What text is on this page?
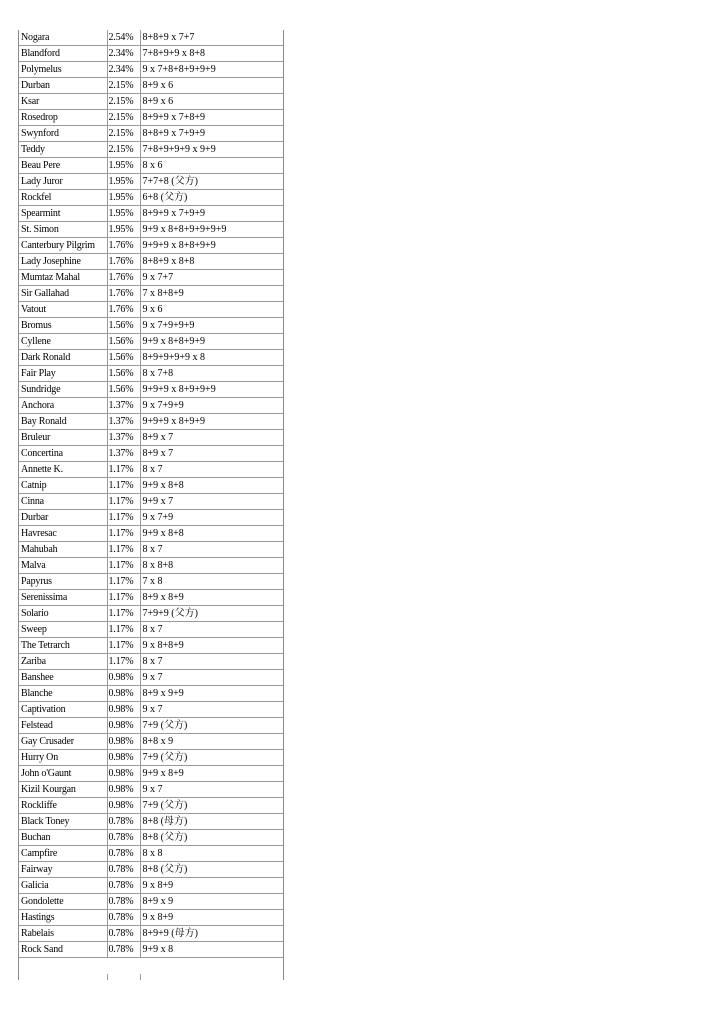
Nogara	2.54%	8+8+9 x 7+7
Blandford	2.34%	7+8+9+9 x 8+8
Polymelus	2.34%	9 x 7+8+8+9+9+9
Durban	2.15%	8+9 x 6
Ksar	2.15%	8+9 x 6
Rosedrop	2.15%	8+9+9 x 7+8+9
Swynford	2.15%	8+8+9 x 7+9+9
Teddy	2.15%	7+8+9+9+9 x 9+9
Beau Pere	1.95%	8 x 6
Lady Juror	1.95%	7+7+8 (父方)
Rockfel	1.95%	6+8 (父方)
Spearmint	1.95%	8+9+9 x 7+9+9
St. Simon	1.95%	9+9 x 8+8+9+9+9+9
Canterbury Pilgrim	1.76%	9+9+9 x 8+8+9+9
Lady Josephine	1.76%	8+8+9 x 8+8
Mumtaz Mahal	1.76%	9 x 7+7
Sir Gallahad	1.76%	7 x 8+8+9
Vatout	1.76%	9 x 6
Bromus	1.56%	9 x 7+9+9+9
Cyllene	1.56%	9+9 x 8+8+9+9
Dark Ronald	1.56%	8+9+9+9+9 x 8
Fair Play	1.56%	8 x 7+8
Sundridge	1.56%	9+9+9 x 8+9+9+9
Anchora	1.37%	9 x 7+9+9
Bay Ronald	1.37%	9+9+9 x 8+9+9
Bruleur	1.37%	8+9 x 7
Concertina	1.37%	8+9 x 7
Annette K.	1.17%	8 x 7
Catnip	1.17%	9+9 x 8+8
Cinna	1.17%	9+9 x 7
Durbar	1.17%	9 x 7+9
Havresac	1.17%	9+9 x 8+8
Mahubah	1.17%	8 x 7
Malva	1.17%	8 x 8+8
Papyrus	1.17%	7 x 8
Serenissima	1.17%	8+9 x 8+9
Solario	1.17%	7+9+9 (父方)
Sweep	1.17%	8 x 7
The Tetrarch	1.17%	9 x 8+8+9
Zariba	1.17%	8 x 7
Banshee	0.98%	9 x 7
Blanche	0.98%	8+9 x 9+9
Captivation	0.98%	9 x 7
Felstead	0.98%	7+9 (父方)
Gay Crusader	0.98%	8+8 x 9
Hurry On	0.98%	7+9 (父方)
John o'Gaunt	0.98%	9+9 x 8+9
Kizil Kourgan	0.98%	9 x 7
Rockliffe	0.98%	7+9 (父方)
Black Toney	0.78%	8+8 (母方)
Buchan	0.78%	8+8 (父方)
Campfire	0.78%	8 x 8
Fairway	0.78%	8+8 (父方)
Galicia	0.78%	9 x 8+9
Gondolette	0.78%	8+9 x 9
Hastings	0.78%	9 x 8+9
Rabelais	0.78%	8+9+9 (母方)
Rock Sand	0.78%	9+9 x 8
